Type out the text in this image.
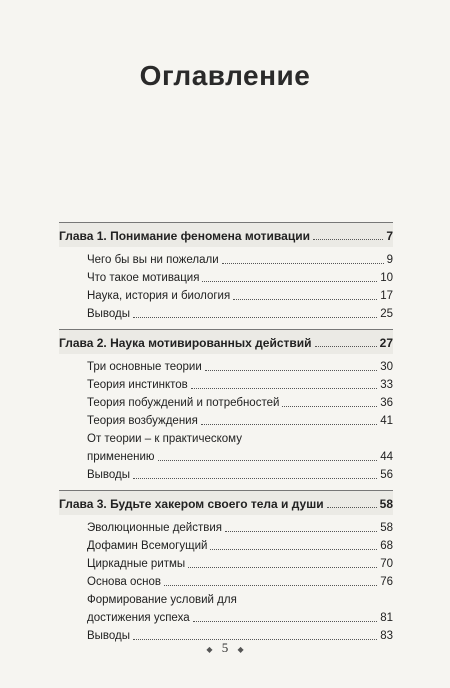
Оглавление
Глава 1. Понимание феномена мотивации	7
Чего бы вы ни пожелали	9
Что такое мотивация	10
Наука, история и биология	17
Выводы	25
Глава 2. Наука мотивированных действий	27
Три основные теории	30
Теория инстинктов	33
Теория побуждений и потребностей	36
Теория возбуждения	41
От теории – к практическому
применению	44
Выводы	56
Глава 3. Будьте хакером своего тела и души	58
Эволюционные действия	58
Дофамин Всемогущий	68
Циркадные ритмы	70
Основа основ	76
Формирование условий для
достижения успеха	81
Выводы	83
◆ 5 ◆
